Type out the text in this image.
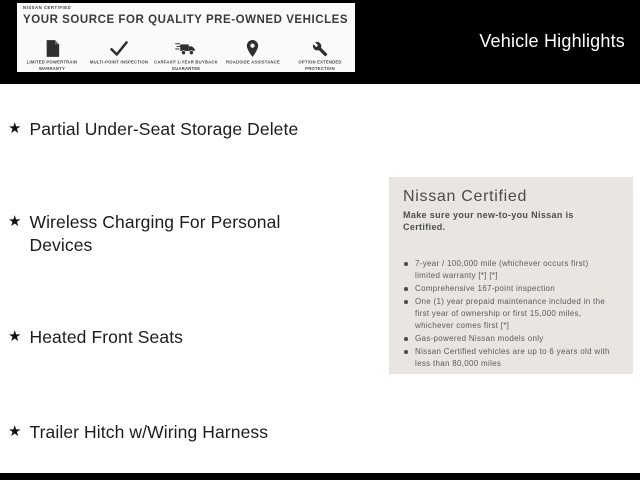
Vehicle Highlights
NISSAN CERTIFIED
YOUR SOURCE FOR QUALITY PRE-OWNED VEHICLES
LIMITED POWERTRAIN WARRANTY
MULTI-POINT INSPECTION CARFAX® 1-YEAR BUYBACK GUARANTEE
ROADSIDE ASSISTANCE	OPTION EXTENDED PROTECTION
★ Partial Under-Seat Storage Delete
★ Wireless Charging For Personal Devices
★ Heated Front Seats
★ Trailer Hitch w/Wiring Harness
Nissan Certified

Make sure your new-to-you Nissan is Certified.

7-year / 100,000 mile (whichever occurs first) limited warranty [*] [*]
Comprehensive 167-point inspection
One (1) year prepaid maintenance included in the first year of ownership or first 15,000 miles, whichever comes first [*]
Gas-powered Nissan models only
Nissan Certified vehicles are up to 6 years old with less than 80,000 miles
